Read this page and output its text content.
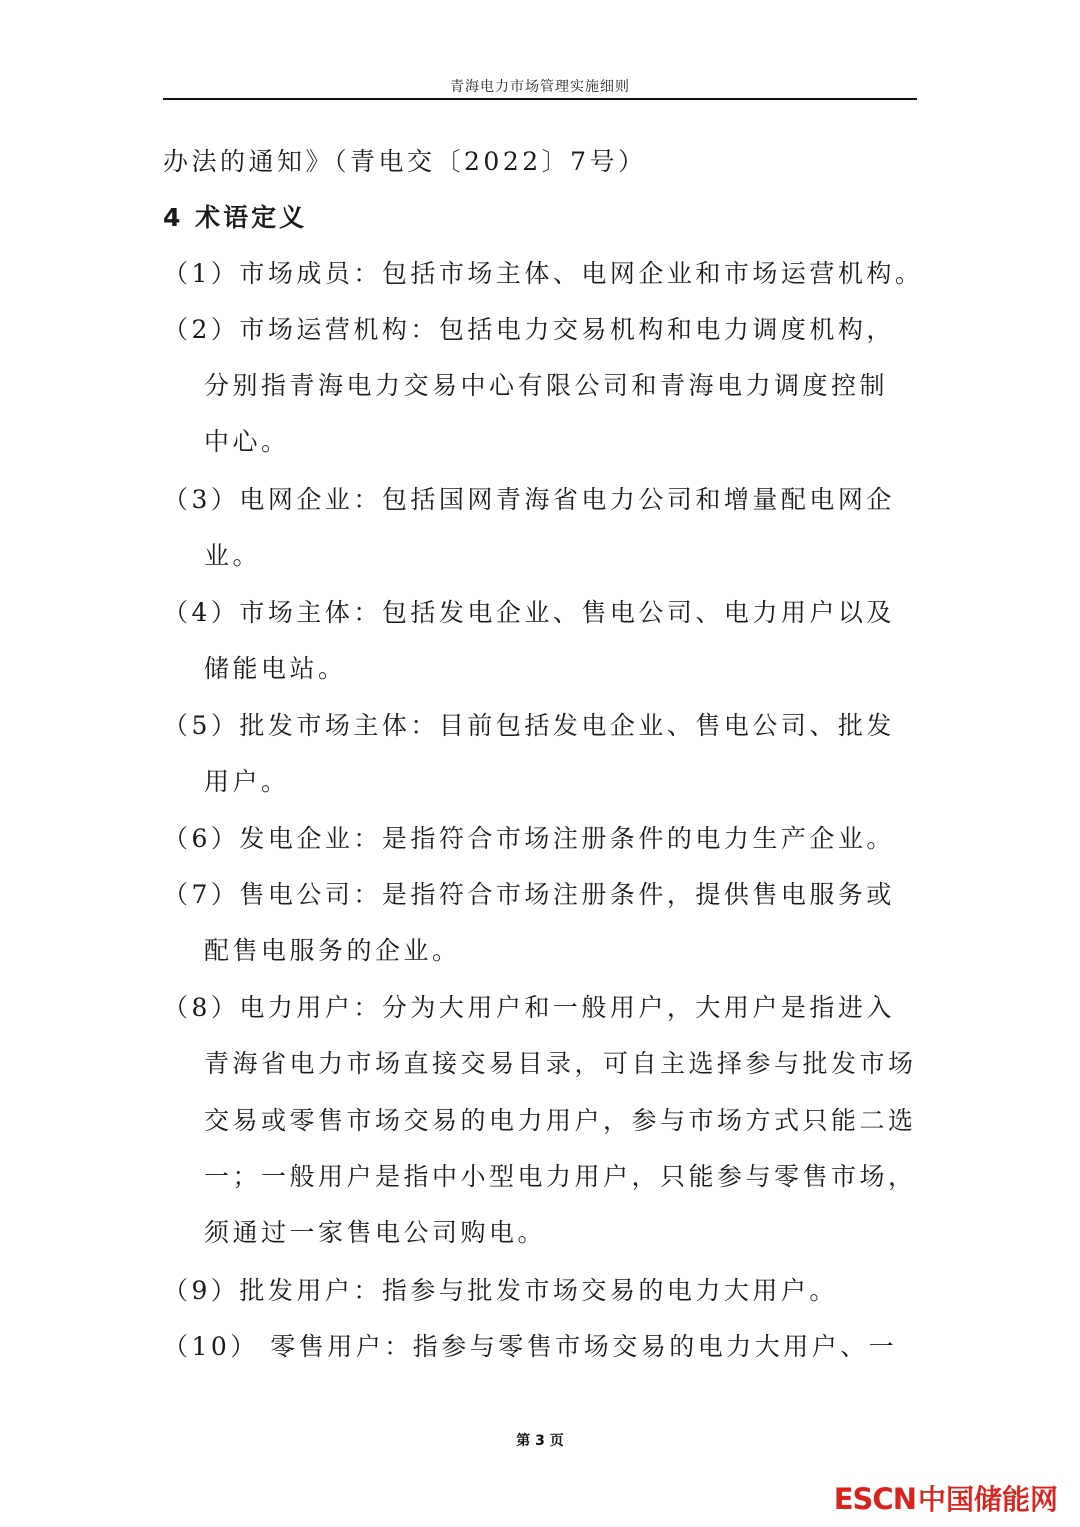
青海电力市场管理实施细则
办法的通知》（青电交〔2022〕7号）
4 术语定义
（1）市场成员：包括市场主体、电网企业和市场运营机构。
（2）市场运营机构：包括电力交易机构和电力调度机构，
分别指青海电力交易中心有限公司和青海电力调度控制
中心。
（3）电网企业：包括国网青海省电力公司和增量配电网企
业。
（4）市场主体：包括发电企业、售电公司、电力用户以及
储能电站。
（5）批发市场主体：目前包括发电企业、售电公司、批发
用户。
（6）发电企业：是指符合市场注册条件的电力生产企业。
（7）售电公司：是指符合市场注册条件，提供售电服务或
配售电服务的企业。
（8）电力用户：分为大用户和一般用户，大用户是指进入
青海省电力市场直接交易目录，可自主选择参与批发市场
交易或零售市场交易的电力用户，参与市场方式只能二选
一；一般用户是指中小型电力用户，只能参与零售市场，
须通过一家售电公司购电。
（9）批发用户：指参与批发市场交易的电力大用户。
（10） 零售用户：指参与零售市场交易的电力大用户、一
第 3 页
ESCN中国储能网
